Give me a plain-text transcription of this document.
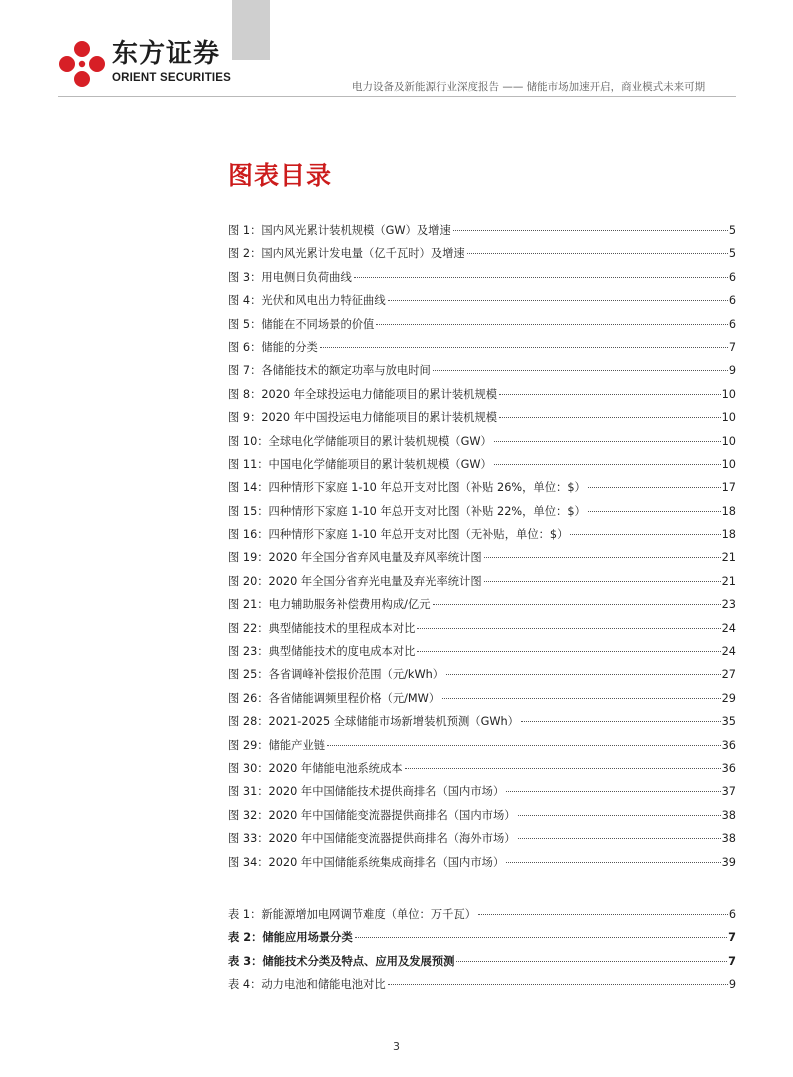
东方证券
ORIENT SECURITIES
电力设备及新能源行业深度报告 —— 储能市场加速开启，商业模式未来可期
图表目录
图 1：国内风光累计装机规模（GW）及增速	5
图 2：国内风光累计发电量（亿千瓦时）及增速	5
图 3：用电侧日负荷曲线	6
图 4：光伏和风电出力特征曲线	6
图 5：储能在不同场景的价值	6
图 6：储能的分类	7
图 7：各储能技术的额定功率与放电时间	9
图 8：2020 年全球投运电力储能项目的累计装机规模	10
图 9：2020 年中国投运电力储能项目的累计装机规模	10
图 10：全球电化学储能项目的累计装机规模（GW）	10
图 11：中国电化学储能项目的累计装机规模（GW）	10
图 14：四种情形下家庭 1-10 年总开支对比图（补贴 26%，单位：$）	17
图 15：四种情形下家庭 1-10 年总开支对比图（补贴 22%，单位：$）	18
图 16：四种情形下家庭 1-10 年总开支对比图（无补贴，单位：$）	18
图 19：2020 年全国分省弃风电量及弃风率统计图	21
图 20：2020 年全国分省弃光电量及弃光率统计图	21
图 21：电力辅助服务补偿费用构成/亿元	23
图 22：典型储能技术的里程成本对比	24
图 23：典型储能技术的度电成本对比	24
图 25：各省调峰补偿报价范围（元/kWh）	27
图 26：各省储能调频里程价格（元/MW）	29
图 28：2021-2025 全球储能市场新增装机预测（GWh）	35
图 29：储能产业链	36
图 30：2020 年储能电池系统成本	36
图 31：2020 年中国储能技术提供商排名（国内市场）	37
图 32：2020 年中国储能变流器提供商排名（国内市场）	38
图 33：2020 年中国储能变流器提供商排名（海外市场）	38
图 34：2020 年中国储能系统集成商排名（国内市场）	39
表 1：新能源增加电网调节难度（单位：万千瓦）	6
表 2：储能应用场景分类	7
表 3：储能技术分类及特点、应用及发展预测	7
表 4：动力电池和储能电池对比	9
3
